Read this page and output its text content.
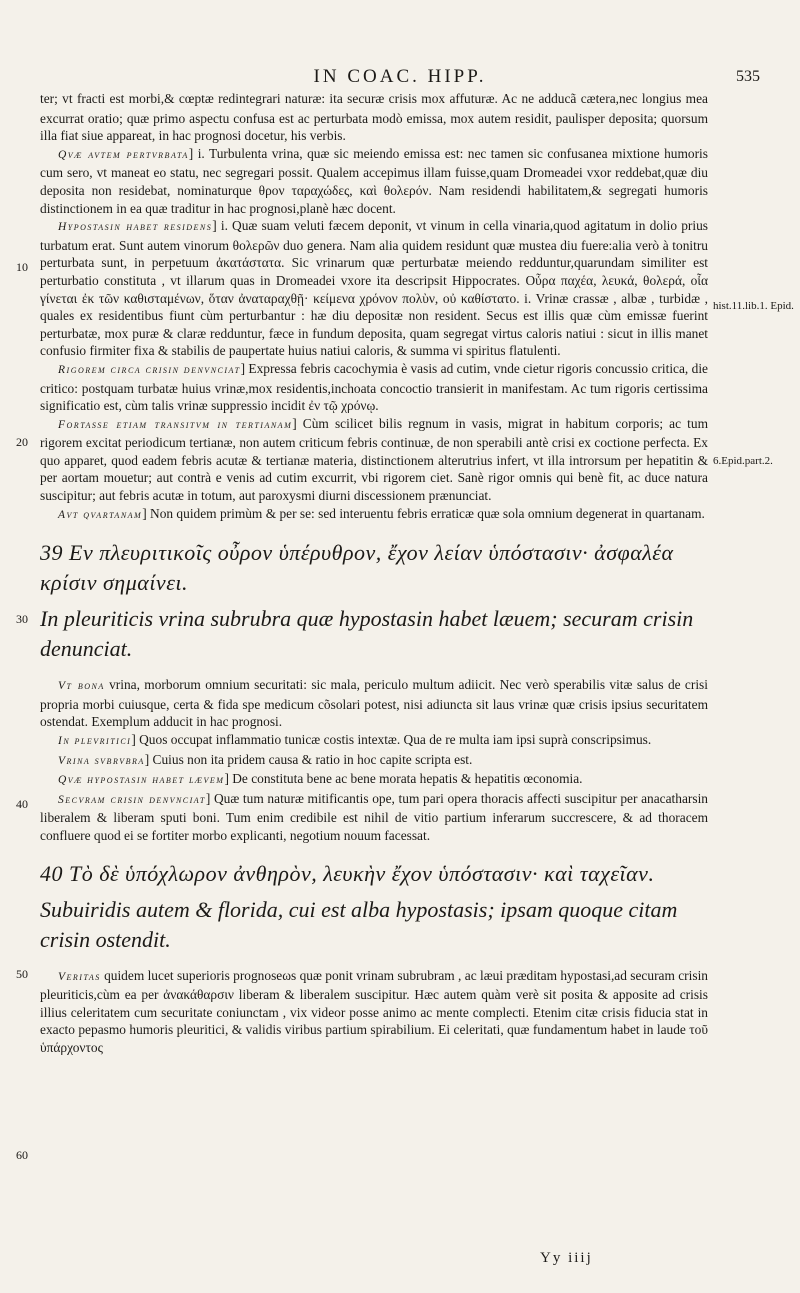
IN COAC. HIPP.	535
10
20
30
40
50
60
hist.11.lib.1. Epid.
6.Epid.part.2.

ter; vt fracti est morbi,& cœptæ redintegrari naturæ: ita securæ crisis mox affuturæ. Ac ne adducã cætera,nec longius mea excurrat oratio; quæ primo aspectu confusa est ac perturbata modò emissa, mox autem residit, paulisper deposita; quorsum illa fiat siue appareat, in hac prognosi docetur, his verbis.

Qvæ avtem pertvrbata] i. Turbulenta vrina, quæ sic meiendo emissa est: nec tamen sic confusanea mixtione humoris cum sero, vt maneat eo statu, nec segregari possit. Qualem accepimus illam fuisse,quam Dromeadei vxor reddebat,quæ diu deposita non residebat, nominaturque θρον ταραχώδες, καὶ θολερόν. Nam residendi habilitatem,& segregati humoris distinctionem in ea quæ traditur in hac prognosi,planè hæc docent.

Hypostasin habet residens] i. Quæ suam veluti fæcem deponit, vt vinum in cella vinaria,quod agitatum in dolio prius turbatum erat. Sunt autem vinorum θολερῶν duo genera. Nam alia quidem residunt quæ mustea diu fuere:alia verò à tonitru perturbata sunt, in perpetuum ἀκατάστατα. Sic vrinarum quæ perturbatæ meiendo redduntur,quarundam similiter est perturbatio constituta , vt illarum quas in Dromeadei vxore ita descripsit Hippocrates. Οὖρα παχέα, λευκά, θολερά, οἷα γίνεται ἐκ τῶν καθισταμένων, ὅταν ἀναταραχθῇ· κείμενα χρόνον πολὺν, οὐ καθίστατο. i. Vrinæ crassæ , albæ , turbidæ , quales ex residentibus fiunt cùm perturbantur : hæ diu depositæ non resident. Secus est illis quæ cùm emissæ fuerint perturbatæ, mox puræ & claræ redduntur, fæce in fundum deposita, quam segregat virtus caloris natiui : sicut in illis manet confusio firmiter fixa & stabilis de paupertate huius natiui caloris, & summa vi spiritus flatulenti.

Rigorem circa crisin denvnciat] Expressa febris cacochymia è vasis ad cutim, vnde cietur rigoris concussio critica, die critico: postquam turbatæ huius vrinæ,mox residentis,inchoata concoctio transierit in manifestam. Ac tum rigoris certissima significatio est, cùm talis vrinæ suppressio incidit ἐν τῷ χρόνῳ.

Fortasse etiam transitvm in tertianam] Cùm scilicet bilis regnum in vasis, migrat in habitum corporis; ac tum rigorem excitat periodicum tertianæ, non autem criticum febris continuæ, de non sperabili antè crisi ex coctione perfecta. Ex quo apparet, quod eadem febris acutæ & tertianæ materia, distinctionem alterutrius infert, vt illa introrsum per hepatitin & per aortam mouetur; aut contrà e venis ad cutim excurrit, vbi rigorem ciet. Sanè rigor omnis qui benè fit, ac duce natura suscipitur; aut febris acutæ in totum, aut paroxysmi diurni discessionem prænunciat.

Avt qvartanam] Non quidem primùm & per se: sed interuentu febris erraticæ quæ sola omnium degenerat in quartanam.

39 Εν πλευριτικοῖς οὖρον ὑπέρυθρον, ἔχον λείαν ὑπόστασιν· ἀσφαλέα κρίσιν σημαίνει.
In pleuriticis vrina subrubra quæ hypostasin habet læuem; securam crisin denunciat.

Vt bona vrina, morborum omnium securitati: sic mala, periculo multum adiicit. Nec verò sperabilis vitæ salus de crisi propria morbi cuiusque, certa & fida spe medicum cõsolari potest, nisi adiuncta sit laus vrinæ quæ crisis ipsius securitatem ostendat. Exemplum adducit in hac prognosi.

In plevritici] Quos occupat inflammatio tunicæ costis intextæ. Qua de re multa iam ipsi suprà conscripsimus.

Vrina svbrvbra] Cuius non ita pridem causa & ratio in hoc capite scripta est.

Qvæ hypostasin habet lævem] De constituta bene ac bene morata hepatis & hepatitis œconomia.

Secvram crisin denvnciat] Quæ tum naturæ mitificantis ope, tum pari opera thoracis affecti suscipitur per anacatharsin liberalem & liberam sputi boni. Tum enim credibile est nihil de vitio partium inferarum succrescere, & ad thoracem confluere quod ei se fortiter morbo explicanti, negotium nouum facessat.

40 Τὸ δὲ ὑπόχλωρον ἀνθηρὸν, λευκὴν ἔχον ὑπόστασιν· καὶ ταχεῖαν.
Subuiridis autem & florida, cui est alba hypostasis; ipsam quoque citam crisin ostendit.

Veritas quidem lucet superioris prognoseωs quæ ponit vrinam subrubram , ac læui præditam hypostasi,ad securam crisin pleuriticis,cùm ea per ἀνακάθαρσιν liberam & liberalem suscipitur. Hæc autem quàm verè sit posita & apposite ad crisis illius celeritatem cum securitate coniunctam , vix videor posse animo ac mente complecti. Etenim citæ crisis fiducia stat in exacto pepasmo humoris pleuritici, & validis viribus partium spirabilium. Ei celeritati, quæ fundamentum habet in laude τοῦ ὑπάρχοντος

Yy iiij
